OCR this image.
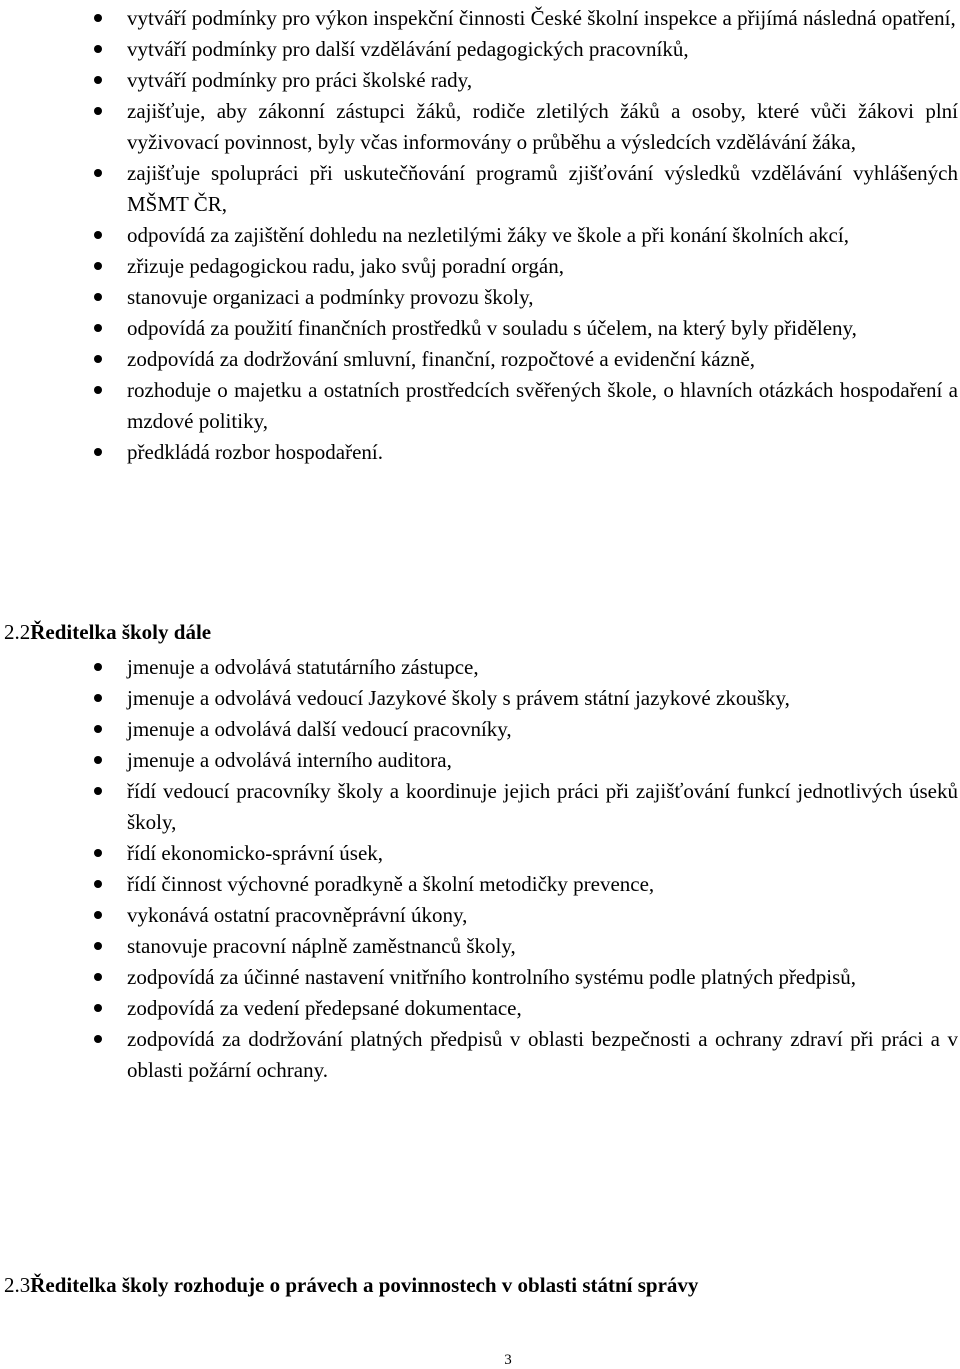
vytváří podmínky pro výkon inspekční činnosti České školní inspekce a přijímá následná opatření,
vytváří podmínky pro další vzdělávání pedagogických pracovníků,
vytváří podmínky pro práci školské rady,
zajišťuje, aby zákonní zástupci žáků, rodiče zletilých žáků a osoby, které vůči žákovi plní vyživovací povinnost, byly včas informovány o průběhu a výsledcích vzdělávání žáka,
zajišťuje spolupráci při uskutečňování programů zjišťování výsledků vzdělávání vyhlášených MŠMT ČR,
odpovídá za zajištění dohledu na nezletilými žáky ve škole a při konání školních akcí,
zřizuje pedagogickou radu, jako svůj poradní orgán,
stanovuje organizaci a podmínky provozu školy,
odpovídá za použití finančních prostředků v souladu s účelem, na který byly přiděleny,
zodpovídá za dodržování smluvní, finanční, rozpočtové a evidenční kázně,
rozhoduje o majetku a ostatních prostředcích svěřených škole, o hlavních otázkách hospodaření a mzdové politiky,
předkládá rozbor hospodaření.
2.2Ředitelka školy dále
jmenuje a odvolává statutárního zástupce,
jmenuje a odvolává vedoucí Jazykové školy s právem státní jazykové zkoušky,
jmenuje a odvolává další vedoucí pracovníky,
jmenuje a odvolává interního auditora,
řídí vedoucí pracovníky školy a koordinuje jejich práci při zajišťování funkcí jednotlivých úseků školy,
řídí ekonomicko-správní úsek,
řídí činnost výchovné poradkyně a školní metodičky prevence,
vykonává ostatní pracovněprávní úkony,
stanovuje pracovní náplně zaměstnanců školy,
zodpovídá za účinné nastavení vnitřního kontrolního systému podle platných předpisů,
zodpovídá za vedení předepsané dokumentace,
zodpovídá za dodržování platných předpisů v oblasti bezpečnosti a ochrany zdraví při práci a v oblasti požární ochrany.
2.3Ředitelka školy rozhoduje o právech a povinnostech v oblasti státní správy
3
